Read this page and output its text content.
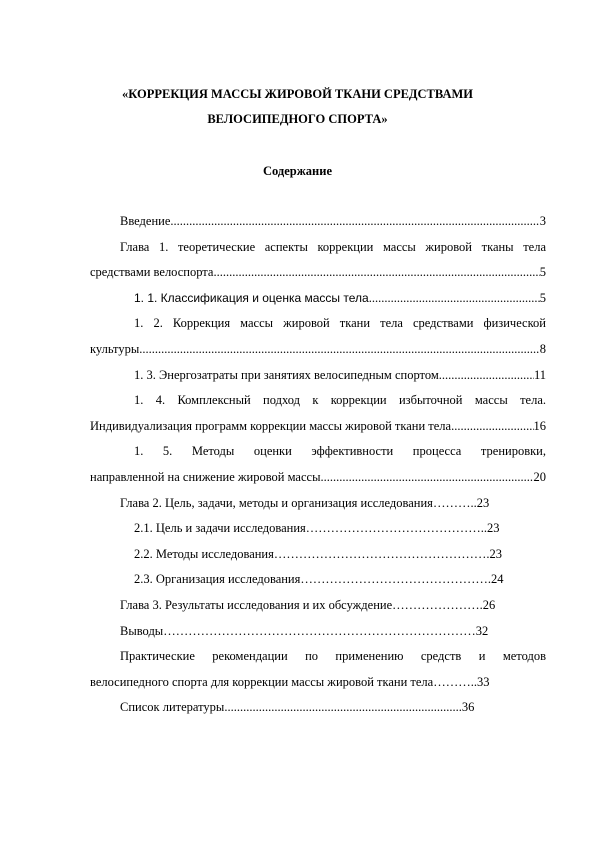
«КОРРЕКЦИЯ МАССЫ ЖИРОВОЙ ТКАНИ СРЕДСТВАМИ
ВЕЛОСИПЕДНОГО СПОРТА»
Содержание
Введение .....	3
Глава 1. теоретические аспекты коррекции массы жировой тканы тела
средствами велоспорта .....	5
1. 1. Классификация и оценка массы тела .....	5
1. 2. Коррекция массы жировой ткани тела средствами физической
культуры .....	8
1. 3. Энергозатраты при занятиях велосипедным спортом .....	11
1. 4. Комплексный подход к коррекции избыточной массы тела.
Индивидуализация программ коррекции массы жировой ткани тела .....	16
1. 5. Методы оценки эффективности процесса тренировки,
направленной на снижение жировой массы .....	20
Глава 2. Цель, задачи, методы и организация исследования ……….. 23
2.1. Цель и задачи исследования …………………………………….. 23
2.2. Методы исследования ……………………………………………. 23
2.3. Организация исследования ………………………………………. 24
Глава 3. Результаты исследования и их обсуждение …………………. 26
Выводы ………………………………………………………………… 32
Практические рекомендации по применению средств и методов
велосипедного спорта для коррекции массы жировой ткани тела ……….. 33
Список литературы ............................................................................ 36
